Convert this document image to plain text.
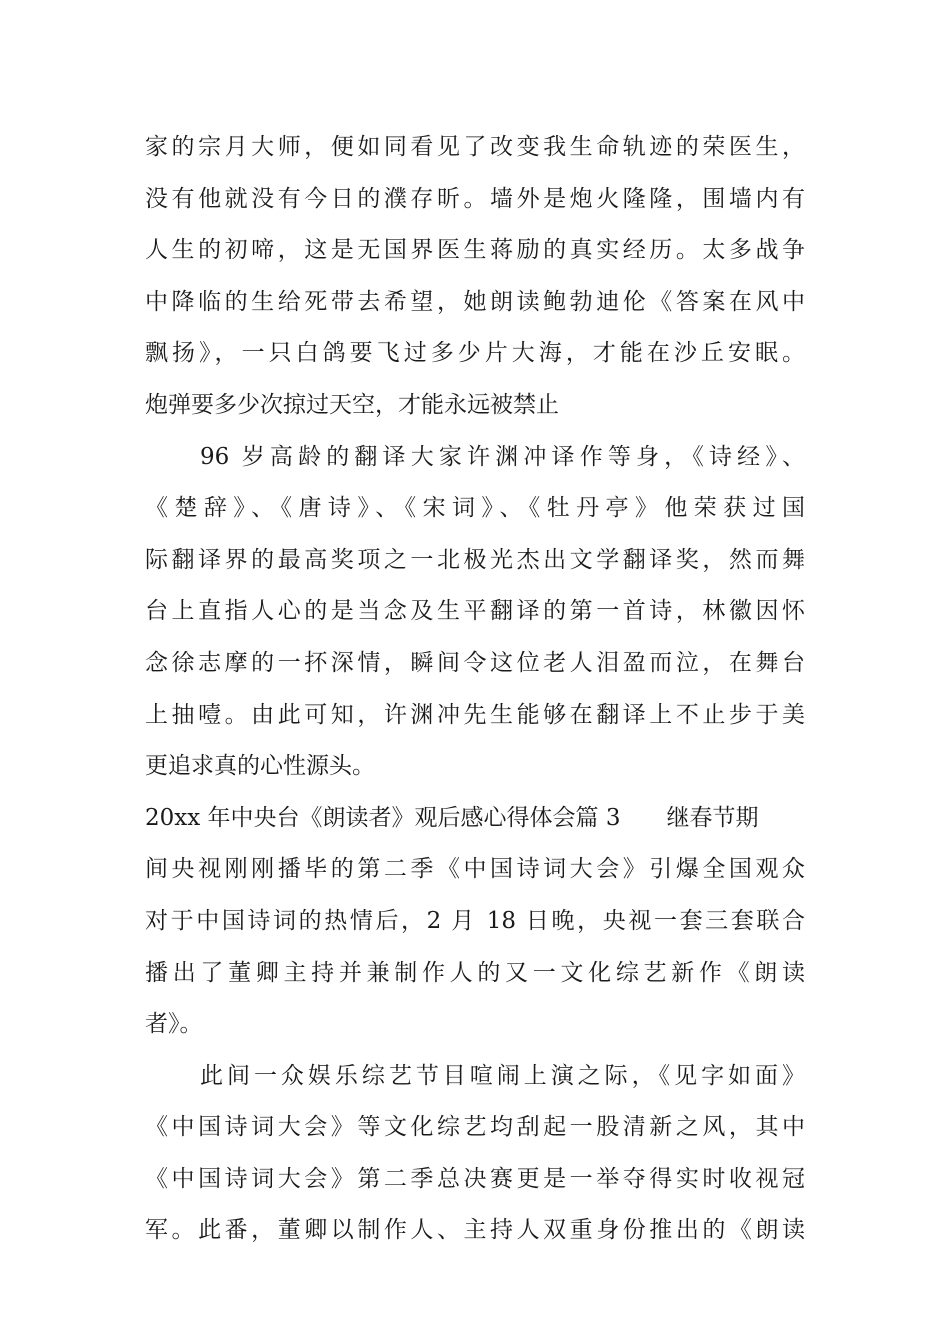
家的宗月大师，便如同看见了改变我生命轨迹的荣医生，
没有他就没有今日的濮存昕。墙外是炮火隆隆，围墙内有
人生的初啼，这是无国界医生蒋励的真实经历。太多战争
中降临的生给死带去希望，她朗读鲍勃迪伦《答案在风中
飘扬》，一只白鸽要飞过多少片大海，才能在沙丘安眠。
炮弹要多少次掠过天空，才能永远被禁止
96 岁高龄的翻译大家许渊冲译作等身，《诗经》、
《楚辞》、《唐诗》、《宋词》、《牡丹亭》他荣获过国
际翻译界的最高奖项之一北极光杰出文学翻译奖，然而舞
台上直指人心的是当念及生平翻译的第一首诗，林徽因怀
念徐志摩的一抔深情，瞬间令这位老人泪盈而泣，在舞台
上抽噎。由此可知，许渊冲先生能够在翻译上不止步于美
更追求真的心性源头。
20xx 年中央台《朗读者》观后感心得体会篇 3 继春节期
间央视刚刚播毕的第二季《中国诗词大会》引爆全国观众
对于中国诗词的热情后，2 月 18 日晚，央视一套三套联合
播出了董卿主持并兼制作人的又一文化综艺新作《朗读
者》。
此间一众娱乐综艺节目喧闹上演之际，《见字如面》
《中国诗词大会》等文化综艺均刮起一股清新之风，其中
《中国诗词大会》第二季总决赛更是一举夺得实时收视冠
军。此番，董卿以制作人、主持人双重身份推出的《朗读
